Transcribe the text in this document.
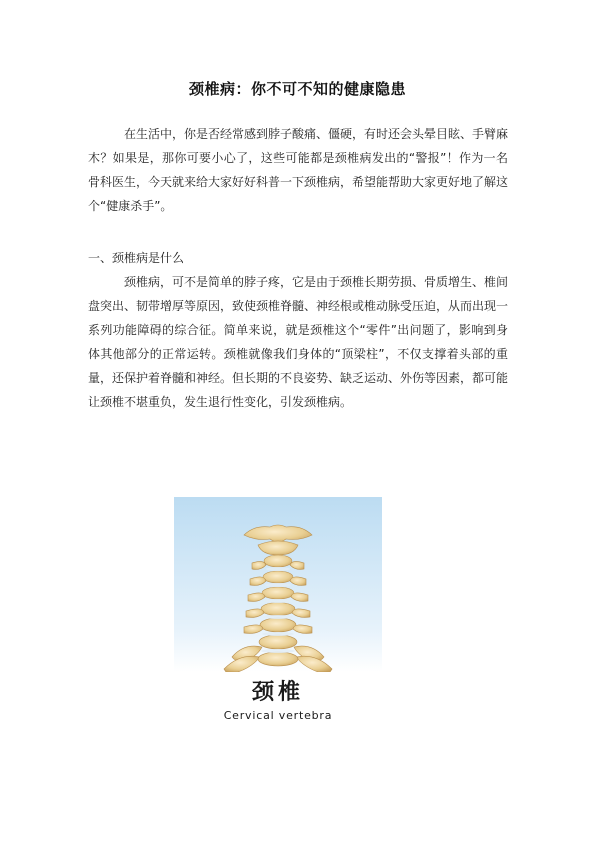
颈椎病：你不可不知的健康隐患

在生活中，你是否经常感到脖子酸痛、僵硬，有时还会头晕目眩、手臂麻木？如果是，那你可要小心了，这些可能都是颈椎病发出的“警报”！作为一名骨科医生，今天就来给大家好好科普一下颈椎病，希望能帮助大家更好地了解这个“健康杀手”。

一、颈椎病是什么

颈椎病，可不是简单的脖子疼，它是由于颈椎长期劳损、骨质增生、椎间盘突出、韧带增厚等原因，致使颈椎脊髓、神经根或椎动脉受压迫，从而出现一系列功能障碍的综合征。简单来说，就是颈椎这个“零件”出问题了，影响到身体其他部分的正常运转。颈椎就像我们身体的“顶梁柱”，不仅支撑着头部的重量，还保护着脊髓和神经。但长期的不良姿势、缺乏运动、外伤等因素，都可能让颈椎不堪重负，发生退行性变化，引发颈椎病。

颈椎
Cervical vertebra
